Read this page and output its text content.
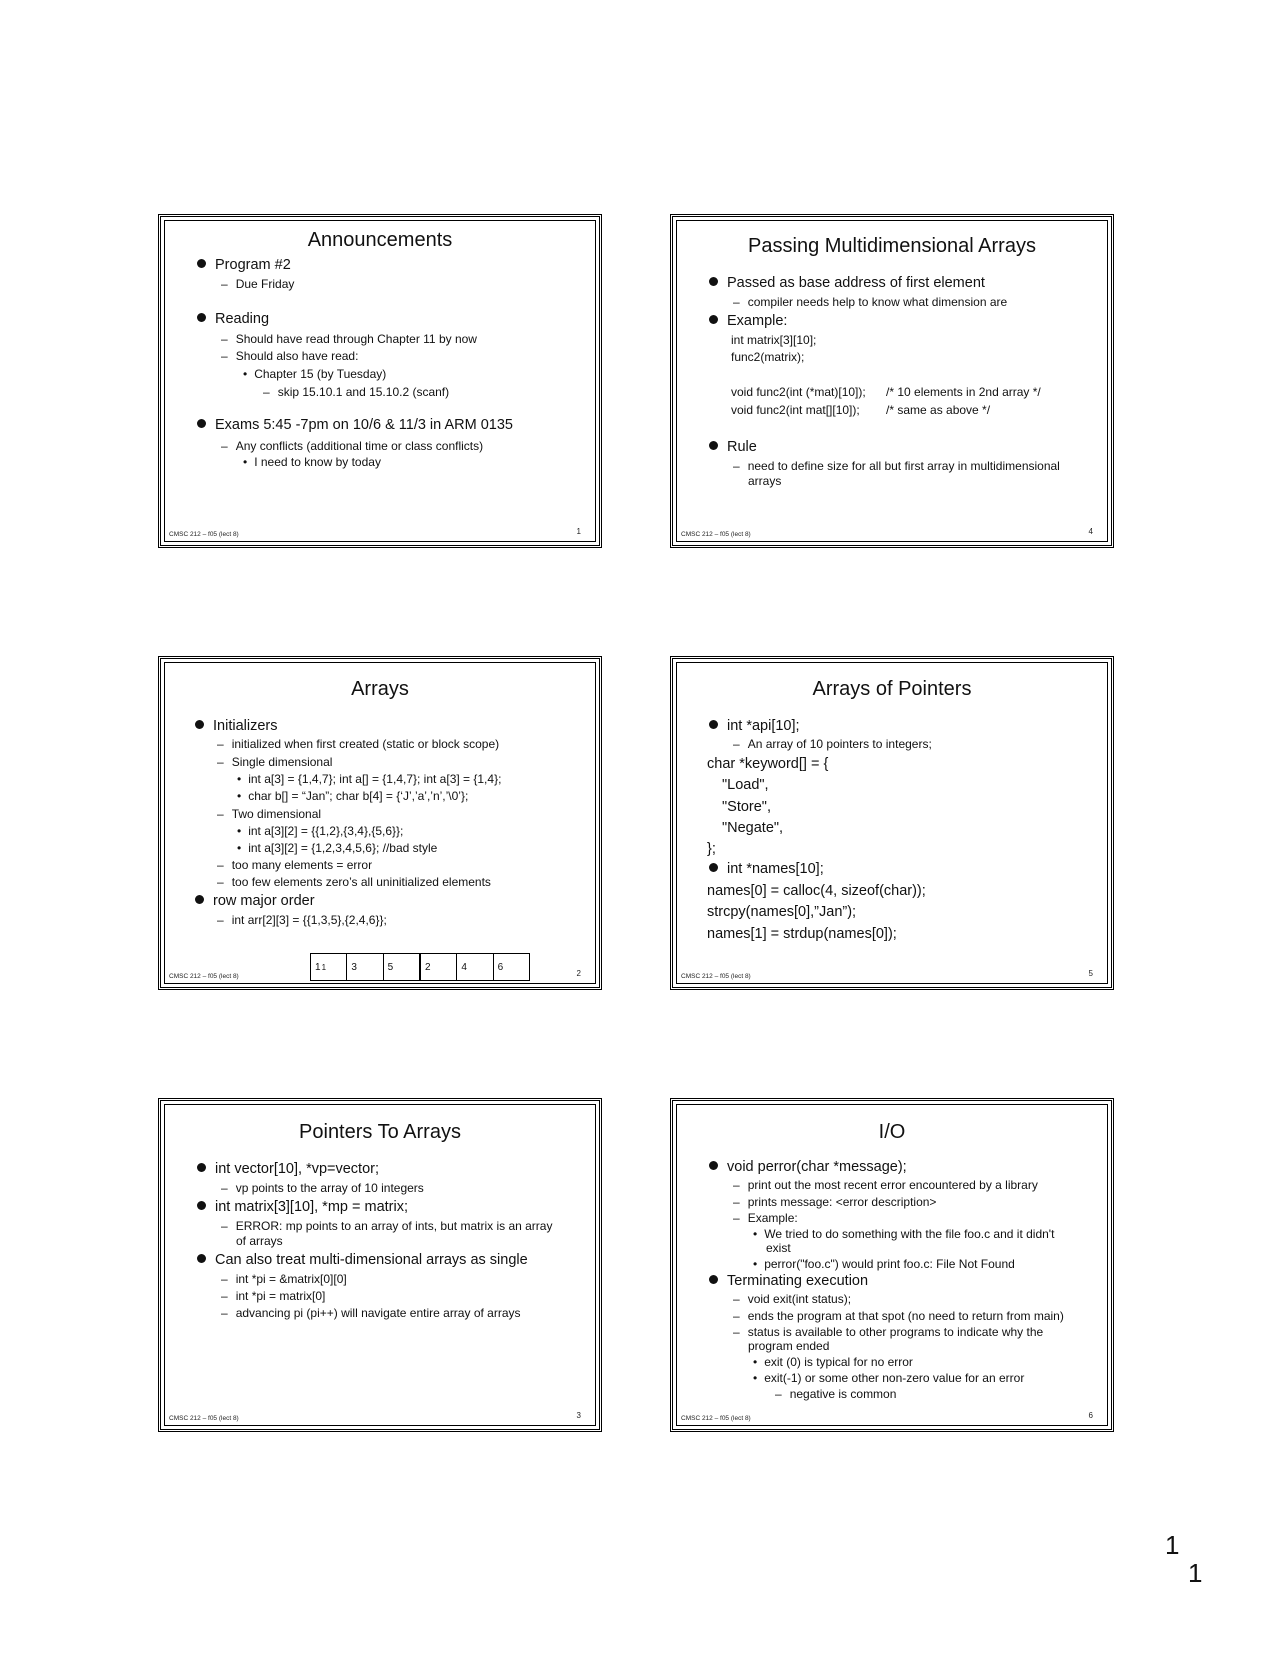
Announcements
Program #2
– Due Friday
Reading
– Should have read through Chapter 11 by now
– Should also have read:
• Chapter 15 (by Tuesday)
– skip 15.10.1 and 15.10.2 (scanf)
Exams 5:45 -7pm on 10/6 & 11/3 in ARM 0135
– Any conflicts (additional time or class conflicts)
• I need to know by today
CMSC 212 – f05 (lect 8)	1
Passing Multidimensional Arrays
Passed as base address of first element
– compiler needs help to know what dimension are
Example:
int matrix[3][10];
func2(matrix);
void func2(int (*mat)[10]); /* 10 elements in 2nd array */
void func2(int mat[][10]); /* same as above */
Rule
– need to define size for all but first array in multidimensional
arrays
CMSC 212 – f05 (lect 8)	4
Arrays
Initializers
– initialized when first created (static or block scope)
– Single dimensional
• int a[3] = {1,4,7}; int a[] = {1,4,7}; int a[3] = {1,4};
• char b[] = “Jan”; char b[4] = {‘J’,’a’,’n’,’\0’};
– Two dimensional
• int a[3][2] = {{1,2},{3,4},{5,6}};
• int a[3][2] = {1,2,3,4,5,6}; //bad style
– too many elements = error
– too few elements zero’s all uninitialized elements
row major order
– int arr[2][3] = {{1,3,5},{2,4,6}};
1 1	3	5	2	4	6
CMSC 212 – f05 (lect 8)	2
Arrays of Pointers
int *api[10];
– An array of 10 pointers to integers;
char *keyword[] = {
"Load",
"Store",
"Negate",
};
int *names[10];
names[0] = calloc(4, sizeof(char));
strcpy(names[0],”Jan”);
names[1] = strdup(names[0]);
CMSC 212 – f05 (lect 8)	5
Pointers To Arrays
int vector[10], *vp=vector;
– vp points to the array of 10 integers
int matrix[3][10], *mp = matrix;
– ERROR: mp points to an array of ints, but matrix is an array
of arrays
Can also treat multi-dimensional arrays as single
– int *pi = &matrix[0][0]
– int *pi = matrix[0]
– advancing pi (pi++) will navigate entire array of arrays
CMSC 212 – f05 (lect 8)	3
I/O
void perror(char *message);
– print out the most recent error encountered by a library
– prints message: <error description>
– Example:
• We tried to do something with the file foo.c and it didn't
exist
• perror("foo.c") would print foo.c: File Not Found
Terminating execution
– void exit(int status);
– ends the program at that spot (no need to return from main)
– status is available to other programs to indicate why the
program ended
• exit (0) is typical for no error
• exit(-1) or some other non-zero value for an error
– negative is common
CMSC 212 – f05 (lect 8)	6
1
1
